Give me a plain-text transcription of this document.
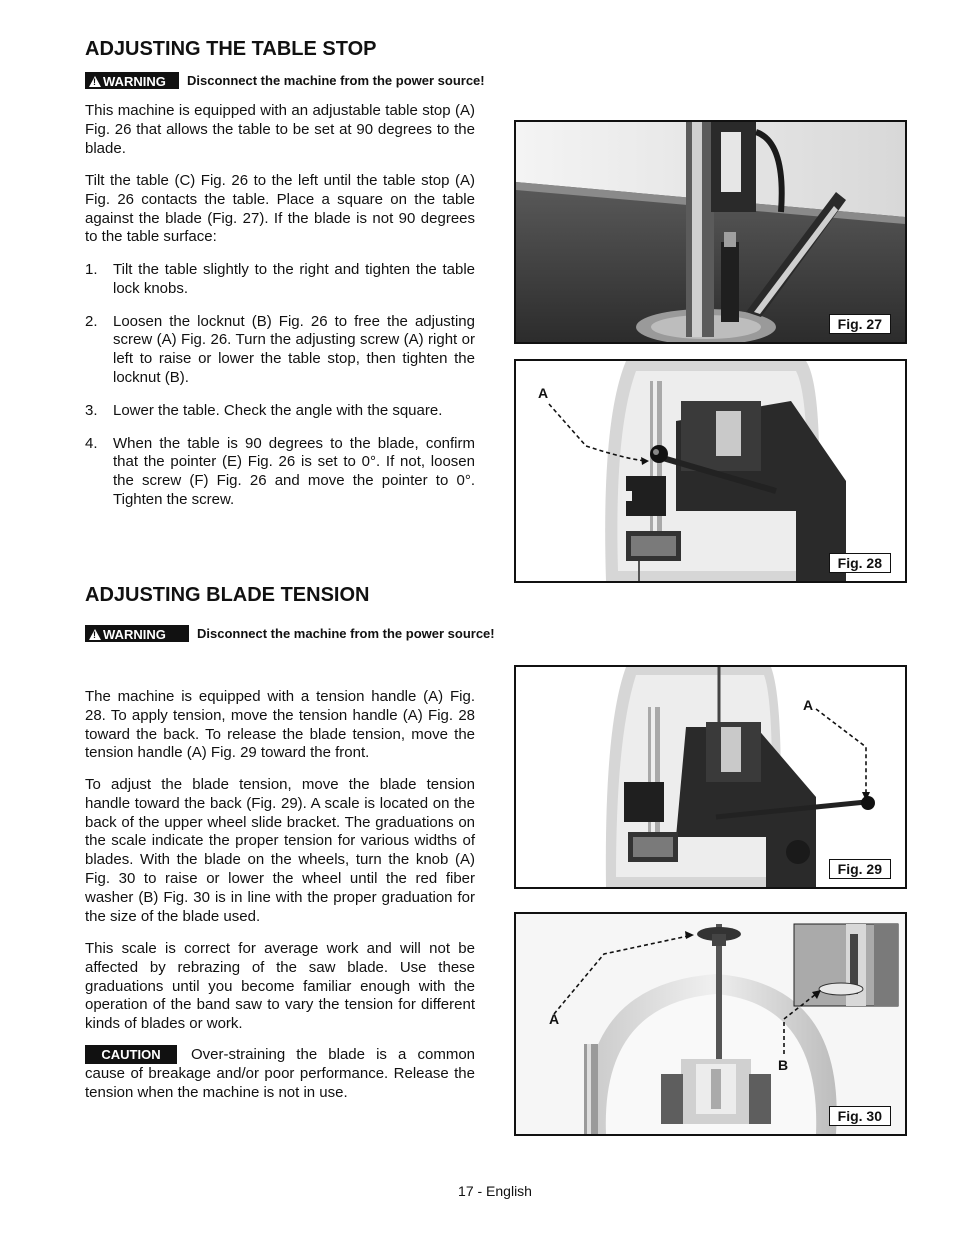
ADJUSTING THE TABLE STOP
!
WARNING Disconnect the machine from the power source!

This machine is equipped with an adjustable table stop (A) Fig. 26 that allows the table to be set at 90 degrees to the blade.

Tilt the table (C) Fig. 26 to the left until the table stop (A) Fig. 26 contacts the table. Place a square on the table against the blade (Fig. 27). If the blade is not 90 degrees to the table surface:

1. Tilt the table slightly to the right and tighten the table lock knobs.
2. Loosen the locknut (B) Fig. 26 to free the adjusting screw (A) Fig. 26. Turn the adjusting screw (A) right or left to raise or lower the table stop, then tighten the locknut (B).
3. Lower the table. Check the angle with the square.
4. When the table is 90 degrees to the blade, confirm that the pointer (E) Fig. 26 is set to 0°. If not, loosen the screw (F) Fig. 26 and move the pointer to 0°. Tighten the screw.
Fig. 27
A
Fig. 28
ADJUSTING BLADE TENSION
!
WARNING Disconnect the machine from the power source!

The machine is equipped with a tension handle (A) Fig. 28. To apply tension, move the tension handle (A) Fig. 28 toward the back. To release the blade tension, move the tension handle (A) Fig. 29 toward the front.

To adjust the blade tension, move the blade tension handle toward the back (Fig. 29). A scale is located on the back of the upper wheel slide bracket. The graduations on the scale indicate the proper tension for various widths of blades. With the blade on the wheels, turn the knob (A) Fig. 30 to raise or lower the wheel until the red fiber washer (B) Fig. 30 is in line with the proper graduation for the size of the blade used.

This scale is correct for average work and will not be affected by rebrazing of the saw blade. Use these graduations until you become familiar enough with the operation of the band saw to vary the tension for different kinds of blades or work.

CAUTION Over-straining the blade is a common cause of breakage and/or poor performance. Release the tension when the machine is not in use.

A
Fig. 29
A
B
Fig. 30
17 - English
